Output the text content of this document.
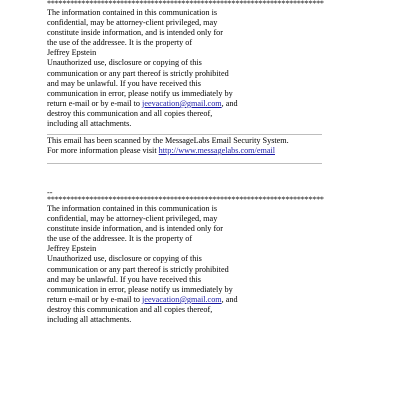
************************************************************************
The information contained in this communication is
confidential, may be attorney-client privileged, may
constitute inside information, and is intended only for
the use of the addressee. It is the property of
Jeffrey Epstein
Unauthorized use, disclosure or copying of this
communication or any part thereof is strictly prohibited
and may be unlawful. If you have received this
communication in error, please notify us immediately by
return e-mail or by e-mail to jeevacation@gmail.com, and
destroy this communication and all copies thereof,
including all attachments.
This email has been scanned by the MessageLabs Email Security System.
For more information please visit http://www.messagelabs.com/email
--
************************************************************************
The information contained in this communication is
confidential, may be attorney-client privileged, may
constitute inside information, and is intended only for
the use of the addressee. It is the property of
Jeffrey Epstein
Unauthorized use, disclosure or copying of this
communication or any part thereof is strictly prohibited
and may be unlawful. If you have received this
communication in error, please notify us immediately by
return e-mail or by e-mail to jeevacation@gmail.com, and
destroy this communication and all copies thereof,
including all attachments.
